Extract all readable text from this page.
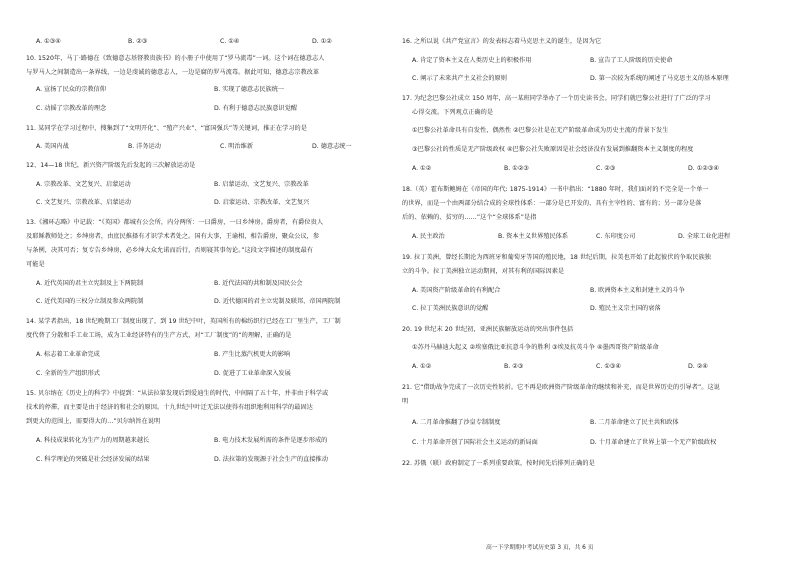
A. ①③④	B. ②③	C. ①④	D. ①②
10. 1520年，马丁·路德在《致德意志基督教贵族书》的小册子中使用了“罗马流毒”一词。这个词在德意志人
与罗马人之间制造出一条界线，一边是虔诚的德意志人，一边是腐的罗马流毒。据此可知，德意志宗教改革
A. 宣扬了民众的宗教信仰	B. 实现了德意志民族统一
C. 动摇了宗教改革的理念	D. 有利于德意志民族意识觉醒
11. 某同学在学习过程中，搜集到了“文明开化”、“殖产兴业”、“富国强兵”等关键词，推正在学习的是
A. 美国内战	B. 洋务运动	C. 明治维新	D. 德意志统一
12、14—18 世纪，新兴资产阶级先后发起的三次解放运动是
A. 宗教改革、文艺复兴、启蒙运动	B. 启蒙运动、文艺复兴、宗教改革
C. 文艺复兴、宗教改革、启蒙运动	D. 启蒙运动、宗教改革、文艺复兴
13.《湘环志略》中记载：“《英国》都城有公会所，内分两所：一曰爵房，一曰乡绅房。爵房者，有爵位贵人
及耶稣教师处之；乡绅房者，由庶民推择有才识学术者处之。国有大事，王谕相，相告爵房，聚众公议，参
与条例，决其可否；复专告乡绅房，必乡绅大众允诺而后行，否则寝其事勿论。”这段文字描述的制度最有
可能是
A. 近代英国的君主立宪制及上下两院制	B. 近代法国的共和制及国民公会
C. 近代美国的三权分立制及参众两院制	D. 近代德国的君主立宪制及联邦、帝国两院制
14. 某学者指出，18 世纪晚期工厂制度出现了，到 19 世纪中叶，英国所有的棉纺织行已经在工厂里生产，工厂制
度代替了分散和手工业工场，成为工业经济特有的生产方式，对“工厂制度”的“的理解，正确的是
A. 标志着工业革命完成	B. 产生比蒸汽机更大的影响
C. 全新的生产组织形式	D. 促进了工业革命深入发展
15. 贝尔纳在《历史上的科学》中提到：“从法拉第发现后到爱迪生的时代，中间隔了五十年，并非由于科学或
技术的停滞，而主要是由于经济的和社会的原因。十九世纪中叶迁无法以使得有组织地利用科学的最固达
到更大的范围上，需要得大的…”贝尔纳旨在说明
A. 科技成果转化为生产力的周期越来越长	B. 电力技术发展所需的条件是逐步形成的
C. 科学理论的突破是社会经济发展的结果	D. 法拉第的发现源于社会生产的直接推动
16. 之所以说《共产党宣言》的发表标志着马克思主义的诞生，是因为它
A. 肯定了资本主义在人类历史上的积极作用	B. 宣告了工人阶级的历史使命
C. 阐示了未来共产主义社会的原则	D. 第一次较为系统的阐述了马克思主义的基本原理
17. 为纪念巴黎公社成立 150 周年，高一某班同学举办了一个历史读书会。同学们就巴黎公社进行了广泛的学习
心得交流。下列观点正确的是
①巴黎公社革命具有自发性，偶然性 ②巴黎公社是在无产阶级革命成为历史主流的背景下发生
③巴黎公社的性质是无产阶级政权 ④巴黎公社失败原因是社会经济没有发展到推翻资本主义制度的程度
A. ①②	B. ①②③	C. ②③	D. ①②③④
18.（英）霍布斯鲍姆在《帝国的年代: 1875-1914》一书中指出：“1880 年时，我们面对的不完全是一个单一
的世界，而是一个由两部分结合成的全球性体系：一部分是已开发的、具有主宰性的、富有的；另一部分是落
后的、依赖的、贫穷的……”这个“全球体系”是指
A. 民主政治	B. 资本主义世界殖民体系	C. 东印度公司	D. 全球工业化进程
19. 拉丁美洲，曾经长期沦为西班牙和葡萄牙等国的殖民地，18 世纪后期，拉美也开始了此起彼伏的争取民族独
立的斗争。拉丁美洲独立运动期间，对其有利的国际因素是
A. 美国资产阶级革命的有利配合	B. 欧洲资本主义和封建主义的斗争
C. 拉丁美洲民族意识的觉醒	D. 殖民主义宗主国的衰落
20. 19 世纪末 20 世纪初，亚洲民族解放运动的突出事件包括
①苏丹马赫迪大起义 ②埃塞俄比亚抗意斗争的胜利 ③埃及抗英斗争 ④墨西哥资产阶级革命
A. ①②	B. ②③	C. ①③④	D. ②④
21. 它“借助战争完成了一次历史性转折。它不再是欧洲资产阶级革命的继续和补充，而是世界历史的引导者”。这说
明
A. 二月革命推翻了沙皇专制制度	B. 二月革命建立了民主共和政体
C. 十月革命开创了国际社会主义运动的新局面	D. 十月革命建立了世界上第一个无产阶级政权
22. 苏俄（联）政府制定了一系列重要政策，按时间先后排列正确的是
高一下学期期中考试历史第 3 页，共 6 页
